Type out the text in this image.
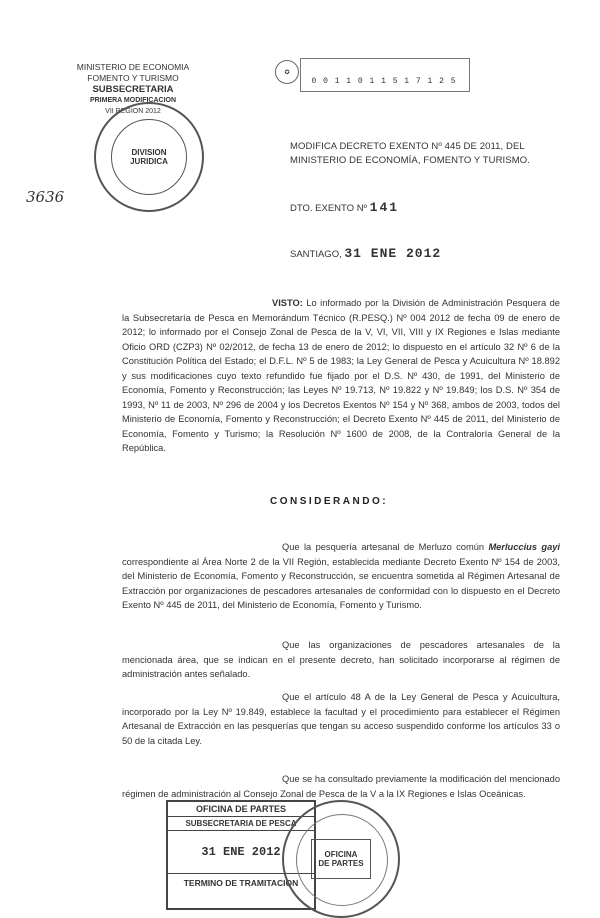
MINISTERIO DE ECONOMIA
FOMENTO Y TURISMO
SUBSECRETARIA
PRIMERA MODIFICACION
VII REGION 2012
DIVISION
JURIDICA
3636
✪
0 0 1 1 0 1 1 5 1 7 1 2 5
MODIFICA DECRETO EXENTO Nº 445 DE 2011, DEL MINISTERIO DE ECONOMÍA, FOMENTO Y TURISMO.
DTO. EXENTO Nº 141
SANTIAGO, 31 ENE 2012
VISTO: Lo informado por la División de Administración Pesquera de la Subsecretaría de Pesca en Memorándum Técnico (R.PESQ.) Nº 004 2012 de fecha 09 de enero de 2012; lo informado por el Consejo Zonal de Pesca de la V, VI, VII, VIII y IX Regiones e Islas mediante Oficio ORD (CZP3) Nº 02/2012, de fecha 13 de enero de 2012; lo dispuesto en el artículo 32 Nº 6 de la Constitución Política del Estado; el D.F.L. Nº 5 de 1983; la Ley General de Pesca y Acuicultura Nº 18.892 y sus modificaciones cuyo texto refundido fue fijado por el D.S. Nº 430, de 1991, del Ministerio de Economía, Fomento y Reconstrucción; las Leyes Nº 19.713, Nº 19.822 y Nº 19.849; los D.S. Nº 354 de 1993, Nº 11 de 2003, Nº 296 de 2004 y los Decretos Exentos Nº 154 y Nº 368, ambos de 2003, todos del Ministerio de Economía, Fomento y Reconstrucción; el Decreto Exento Nº 445 de 2011, del Ministerio de Economía, Fomento y Turismo; la Resolución Nº 1600 de 2008, de la Contraloría General de la República.
CONSIDERANDO:
Que la pesquería artesanal de Merluzo común Merluccius gayi correspondiente al Área Norte 2 de la VII Región, establecida mediante Decreto Exento Nº 154 de 2003, del Ministerio de Economía, Fomento y Reconstrucción, se encuentra sometida al Régimen Artesanal de Extracción por organizaciones de pescadores artesanales de conformidad con lo dispuesto en el Decreto Exento Nº 445 de 2011, del Ministerio de Economía, Fomento y Turismo.
Que las organizaciones de pescadores artesanales de la mencionada área, que se indican en el presente decreto, han solicitado incorporarse al régimen de administración antes señalado.
Que el artículo 48 A de la Ley General de Pesca y Acuicultura, incorporado por la Ley Nº 19.849, establece la facultad y el procedimiento para establecer el Régimen Artesanal de Extracción en las pesquerías que tengan su acceso suspendido conforme los artículos 33 o 50 de la citada Ley.
Que se ha consultado previamente la modificación del mencionado régimen de administración al Consejo Zonal de Pesca de la V a la IX Regiones e Islas Oceánicas.
OFICINA DE PARTES
SUBSECRETARIA DE PESCA
31 ENE 2012
TERMINO DE TRAMITACION
OFICINA
DE PARTES
